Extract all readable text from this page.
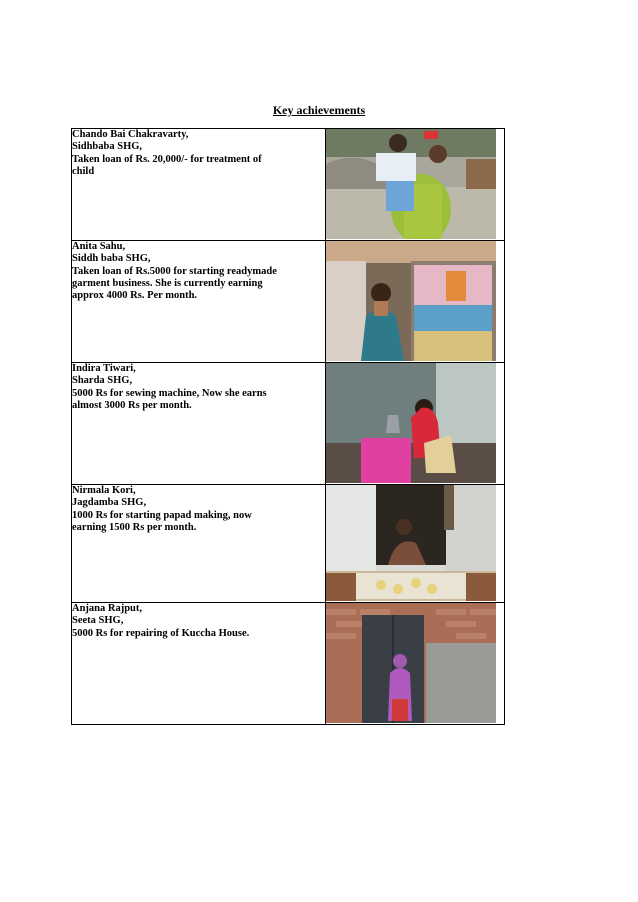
Key achievements
Chando Bai Chakravarty,
Sidhbaba SHG,
Taken loan of Rs. 20,000/- for treatment of
child

Anita Sahu,
Siddh baba SHG,
Taken loan of Rs.5000 for starting readymade
garment business. She is currently earning
approx 4000 Rs. Per month.

Indira Tiwari,
Sharda SHG,
5000 Rs for sewing machine, Now she earns
almost 3000 Rs per month.

Nirmala Kori,
Jagdamba SHG,
1000 Rs for starting papad making, now
earning 1500 Rs per month.

Anjana Rajput,
Seeta SHG,
5000 Rs for repairing of Kuccha House.
